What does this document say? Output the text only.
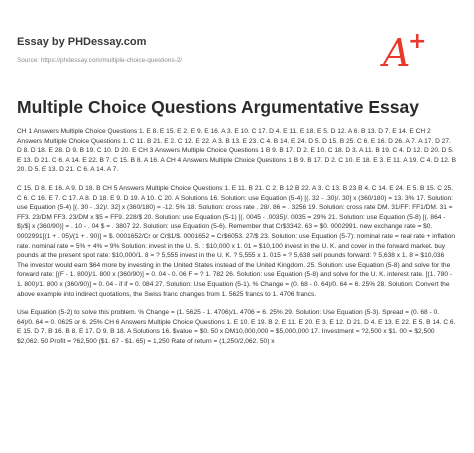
Essay by PHDessay.com
Source: https://phdessay.com/multiple-choice-questions-2/	A
+
Multiple Choice Questions Argumentative Essay

CH 1 Answers Multiple Choice Questions 1. E 8. E 15. E 2. E 9. E 16. A 3. E 10. C 17. D 4. E 11. E 18. E 5. D 12. A 6. B 13. D 7. E 14. E CH 2 Answers Multiple Choice Questions 1. C 11. B 21. E 2. C 12. E 22. A 3. B 13. E 23. C 4. B 14. E 24. D 5. D 15. B 25. C 6. E 16. D 26. A 7. A 17. D 27. D 8. D 18. E 28. D 9. B 19. C 10. D 20. E CH 3 Answers Multiple Choice Questions 1 B 9. B 17. D 2. E 10. C 18. D 3. A 11. B 19. C 4. D 12. D 20. D 5. E 13. D 21. C 6. A 14. E 22. B 7. C 15. B 8. A 16. A CH 4 Answers Multiple Choice Questions 1 B 9. B 17. D 2. C 10. E 18. E 3. E 11. A 19. C 4. D 12. B 20. D 5. E 13. D 21. C 6. A 14. A 7.

C 15. D 8. E 16. A 9. D 18. B CH 5 Answers Multiple Choice Questions 1. E 11. B 21. C 2. B 12 B 22. A 3. C 13. B 23 B 4. C 14. E 24. E 5. B 15. C 25. C 6. C 16. E 7. C 17. A 8. D 18. E 9. D 19. A 10. C 20. A Solutions 16. Solution: use Equation (5-4) [(. 32 - .30)/. 30] x (360/180) = 13. 3% 17. Solution: use Equation (5-4) [(. 30 - .32)/. 32] x (360/180) = -12. 5% 18. Solution: cross rate . 28/. 86 = . 3256 19. Solution: cross rate DM. 31/FF: FF1/DM. 31 = FF3. 23/DM FF3. 23/DM x $5 = FF9. 228/$ 20. Solution: use Equation (5-1) [(. 0045 - .0035)/. 0035 = 29% 21. Solution: use Equation (5-8) [(. 864 - $)/$] x (360/90)] = . 10 - . 04 $ = . 3807 22. Solution: use Equation (5-6). Remember that Cr$3342. 63 = $0. 0002991. new exchange rate = $0. 0002991[(1 + . 05)/(1 + . 90)] = $. 0001652/Cr or Cr$1/$. 0001652 = Cr$6053. 27/$ 23. Solution: use Equation (5-7): nominal rate = real rate + inflation rate. nominal rate = 5% + 4% = 9% Solution: invest in the U. S. : $10,000 x 1. 01 = $10,100 invest in the U. K. and cover in the forward market. buy pounds at the present spot rate: $10,000/1. 8 = ? 5,555 invest in the U. K. ? 5,555 x 1. 015 = ? 5,638 sell pounds forward: ? 5,638 x 1. 8 = $10,036 The investor would earn $64 more by investing in the United States instead of the United Kingdom. 25. Solution: use Equation (5-8) and solve for the forward rate: [(F - 1. 800)/1. 800 x (360/90)] = 0. 04 - 0. 06 F = ? 1. 782 26. Solution: use Equation (5-8) and solve for the U. K. interest rate. [(1. 780 - 1. 800)/1. 800 x (360/90)] = 0. 04 - if if = 0. 084 27. Solution: Use Equation (5-1). % Change = (0. 68 - 0. 64)/0. 64 = 6. 25% 28. Solution: Convert the above example into indirect quotations, the Swiss franc changes from 1. 5625 francs to 1. 4706 francs.

Use Equation (5-2) to solve this problem. % Change = (1. 5625 - 1. 4706)/1. 4706 = 6. 25% 29. Solution: Use Equation (5-3). Spread = (0. 68 - 0. 64)/0. 64 = 0. 0625 or 6. 25% CH 6 Answers Multiple Choice Questions 1. E 10. E 19. B 2. E 11. E 20. E 3. E 12. D 21. D 4. E 13. E 22. E 5. B 14. C 6. E 15. D 7. B 16. B 8. E 17. D 9. B 18. A Solutions 16. $value = $0. 50 x DM10,000,000 = $5,000,000 17. Investment = ?2,500 x $1. 00 = $2,500 $2,062. 50 Profit = ?62,500 ($1. 67 - $1. 65) = 1,250 Rate of return = (1,250/2,062. 50) x
